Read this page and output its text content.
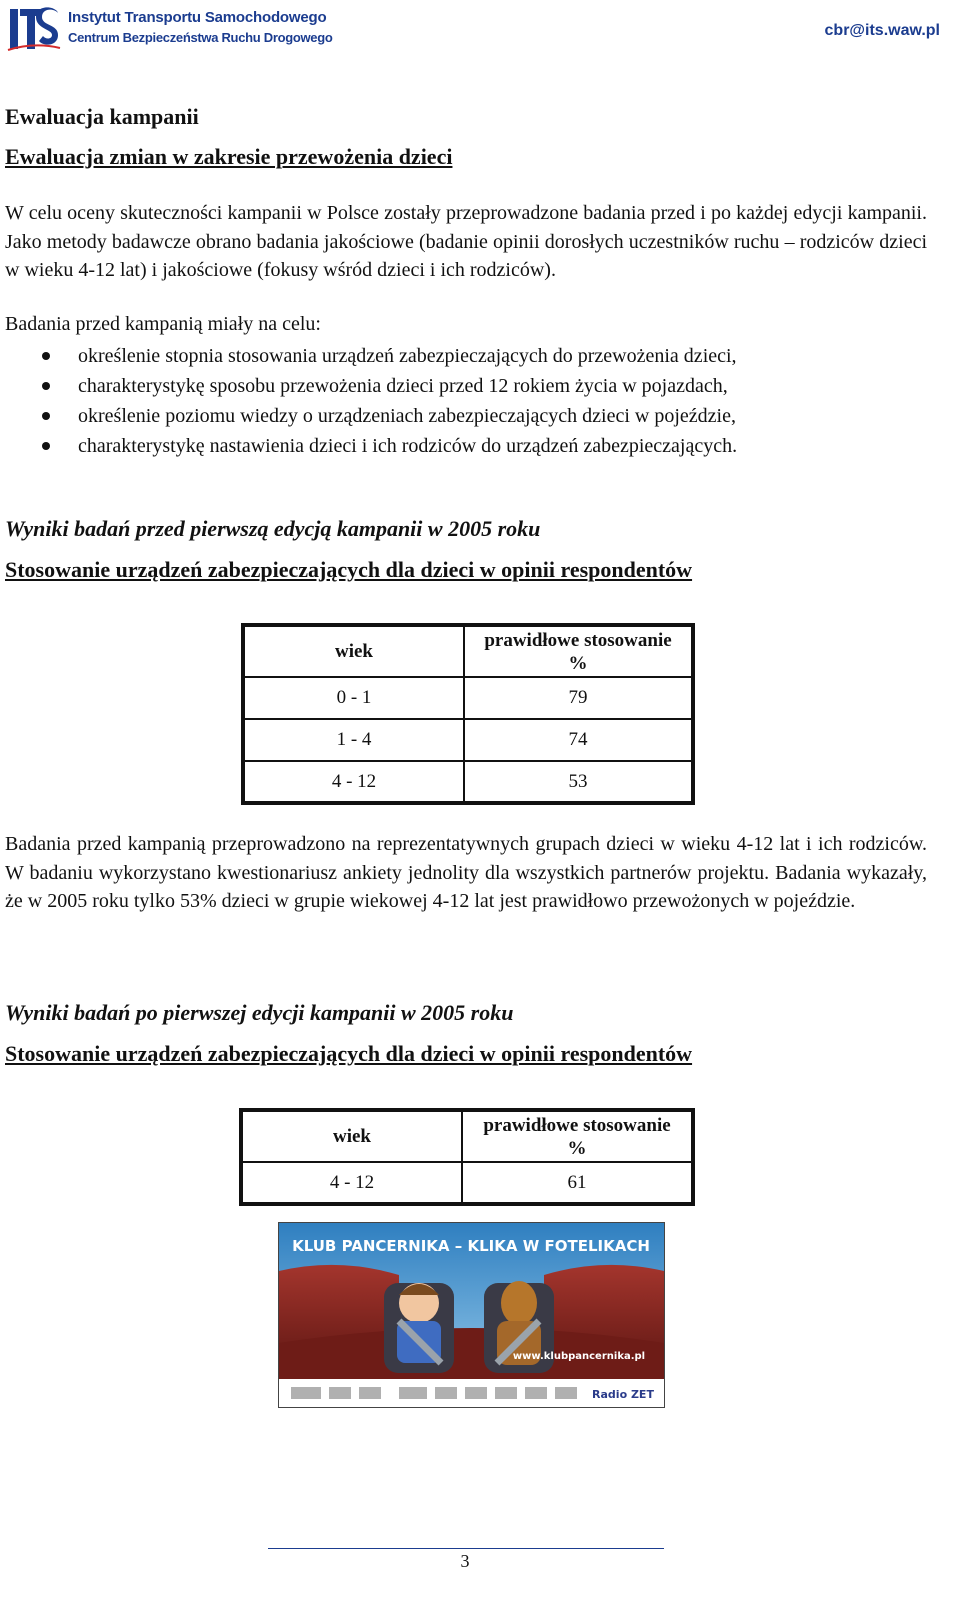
Instytut Transportu Samochodowego
Centrum Bezpieczeństwa Ruchu Drogowego	cbr@its.waw.pl
Ewaluacja kampanii
Ewaluacja zmian w zakresie przewożenia dzieci

W celu oceny skuteczności kampanii w Polsce zostały przeprowadzone badania przed i po każdej edycji kampanii. Jako metody badawcze obrano badania jakościowe (badanie opinii dorosłych uczestników ruchu – rodziców dzieci w wieku 4-12 lat) i jakościowe (fokusy wśród dzieci i ich rodziców).

Badania przed kampanią miały na celu:

określenie stopnia stosowania urządzeń zabezpieczających do przewożenia dzieci,
charakterystykę sposobu przewożenia dzieci przed 12 rokiem życia w pojazdach,
określenie poziomu wiedzy o urządzeniach zabezpieczających dzieci w pojeździe,
charakterystykę nastawienia dzieci i ich rodziców do urządzeń zabezpieczających.
Wyniki badań przed pierwszą edycją kampanii w 2005 roku
Stosowanie urządzeń zabezpieczających dla dzieci w opinii respondentów
wiek	prawidłowe stosowanie
%
0 - 1	79
1 - 4	74
4 - 12	53

Badania przed kampanią przeprowadzono na reprezentatywnych grupach dzieci w wieku 4-12 lat i ich rodziców. W badaniu wykorzystano kwestionariusz ankiety jednolity dla wszystkich partnerów projektu. Badania wykazały, że w 2005 roku tylko 53% dzieci w grupie wiekowej 4-12 lat jest prawidłowo przewożonych w pojeździe.

Wyniki badań po pierwszej edycji kampanii w 2005 roku
Stosowanie urządzeń zabezpieczających dla dzieci w opinii respondentów
wiek	prawidłowe stosowanie
%
4 - 12	61
KLUB PANCERNIKA – KLIKA W FOTELIKACH
www.klubpancernika.pl
Radio ZET
3
